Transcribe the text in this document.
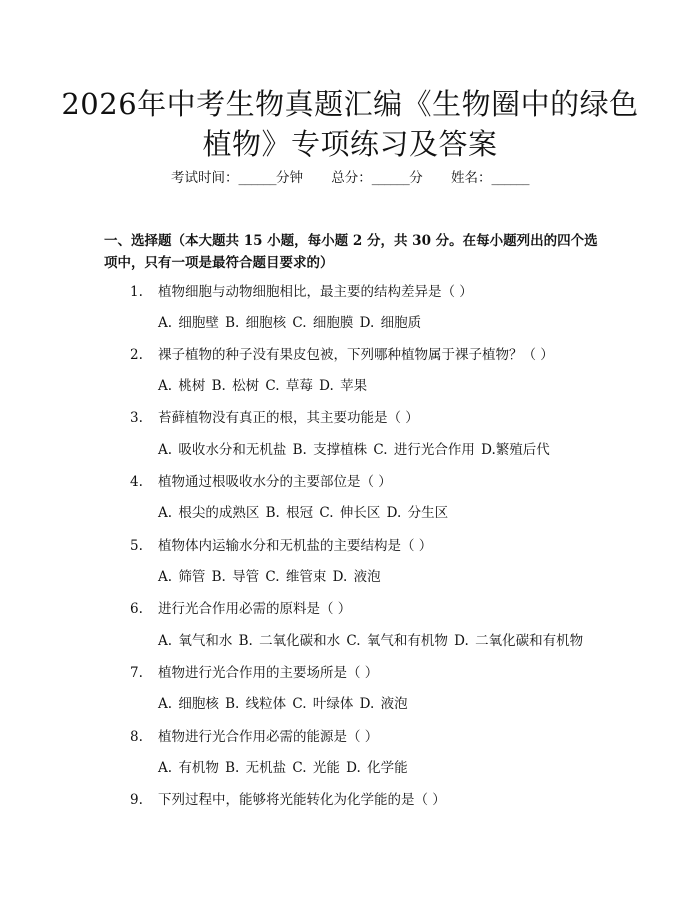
2026年中考生物真题汇编《生物圈中的绿色
植物》专项练习及答案
考试时间：______分钟 总分：______分 姓名：______

一、选择题（本大题共 15 小题，每小题 2 分，共 30 分。在每小题列出的四个选项中，只有一项是最符合题目要求的）

1. 植物细胞与动物细胞相比，最主要的结构差异是（ ）
A. 细胞壁 B. 细胞核 C. 细胞膜 D. 细胞质
2. 裸子植物的种子没有果皮包被，下列哪种植物属于裸子植物？（ ）
A. 桃树 B. 松树 C. 草莓 D. 苹果
3. 苔藓植物没有真正的根，其主要功能是（ ）
A. 吸收水分和无机盐 B. 支撑植株 C. 进行光合作用 D.繁殖后代
4. 植物通过根吸收水分的主要部位是（ ）
A. 根尖的成熟区 B. 根冠 C. 伸长区 D. 分生区
5. 植物体内运输水分和无机盐的主要结构是（ ）
A. 筛管 B. 导管 C. 维管束 D. 液泡
6. 进行光合作用必需的原料是（ ）
A. 氧气和水 B. 二氧化碳和水 C. 氧气和有机物 D. 二氧化碳和有机物
7. 植物进行光合作用的主要场所是（ ）
A. 细胞核 B. 线粒体 C. 叶绿体 D. 液泡
8. 植物进行光合作用必需的能源是（ ）
A. 有机物 B. 无机盐 C. 光能 D. 化学能
9. 下列过程中，能够将光能转化为化学能的是（ ）
